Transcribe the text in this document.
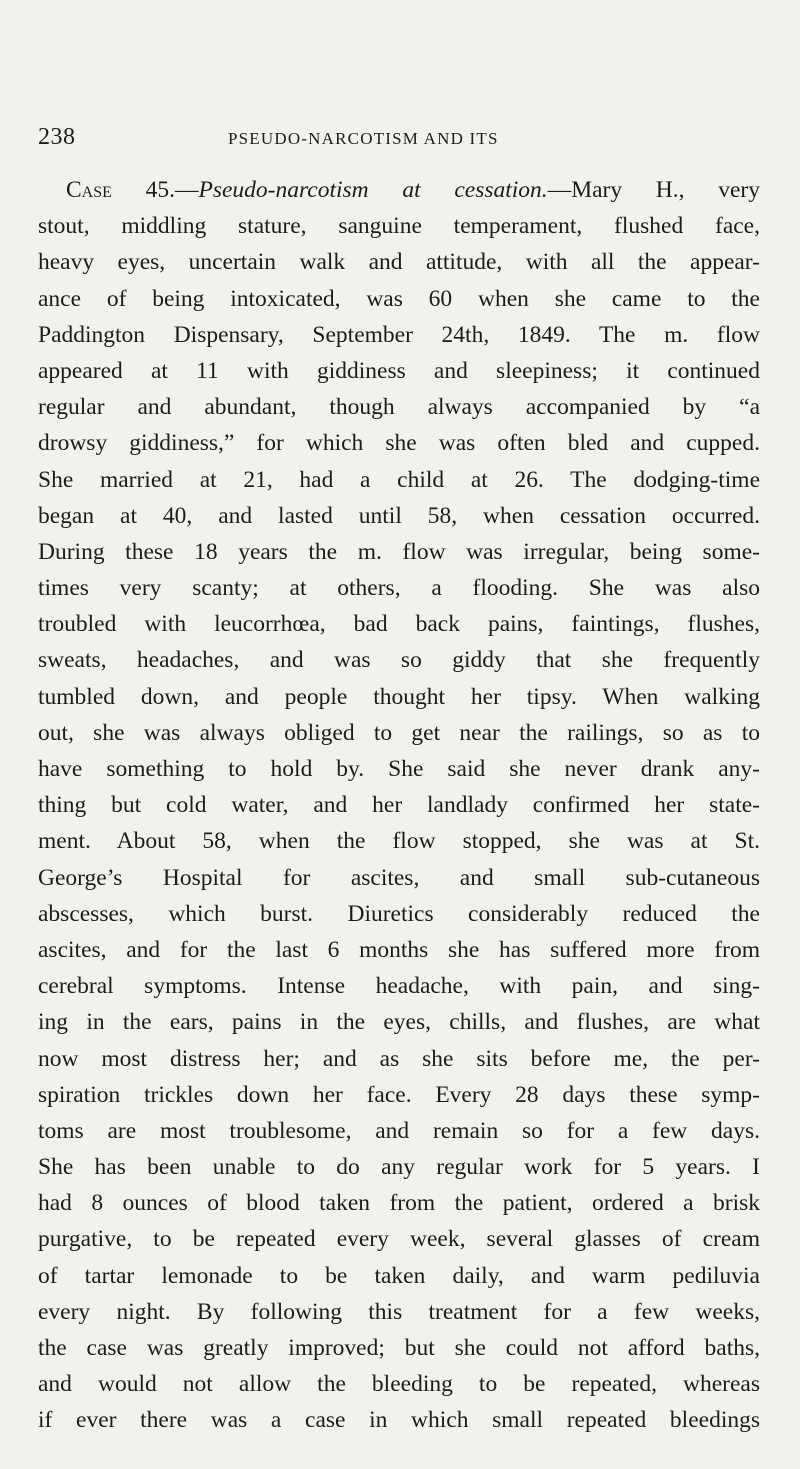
238	PSEUDO-NARCOTISM AND ITS
Case 45.—Pseudo-narcotism at cessation.—Mary H., very
stout, middling stature, sanguine temperament, flushed face,
heavy eyes, uncertain walk and attitude, with all the appear-
ance of being intoxicated, was 60 when she came to the
Paddington Dispensary, September 24th, 1849. The m. flow
appeared at 11 with giddiness and sleepiness; it continued
regular and abundant, though always accompanied by “a
drowsy giddiness,” for which she was often bled and cupped.
She married at 21, had a child at 26. The dodging-time
began at 40, and lasted until 58, when cessation occurred.
During these 18 years the m. flow was irregular, being some-
times very scanty; at others, a flooding. She was also
troubled with leucorrhœa, bad back pains, faintings, flushes,
sweats, headaches, and was so giddy that she frequently
tumbled down, and people thought her tipsy. When walking
out, she was always obliged to get near the railings, so as to
have something to hold by. She said she never drank any-
thing but cold water, and her landlady confirmed her state-
ment. About 58, when the flow stopped, she was at St.
George’s Hospital for ascites, and small sub-cutaneous
abscesses, which burst. Diuretics considerably reduced the
ascites, and for the last 6 months she has suffered more from
cerebral symptoms. Intense headache, with pain, and sing-
ing in the ears, pains in the eyes, chills, and flushes, are what
now most distress her; and as she sits before me, the per-
spiration trickles down her face. Every 28 days these symp-
toms are most troublesome, and remain so for a few days.
She has been unable to do any regular work for 5 years. I
had 8 ounces of blood taken from the patient, ordered a brisk
purgative, to be repeated every week, several glasses of cream
of tartar lemonade to be taken daily, and warm pediluvia
every night. By following this treatment for a few weeks,
the case was greatly improved; but she could not afford baths,
and would not allow the bleeding to be repeated, whereas
if ever there was a case in which small repeated bleedings
